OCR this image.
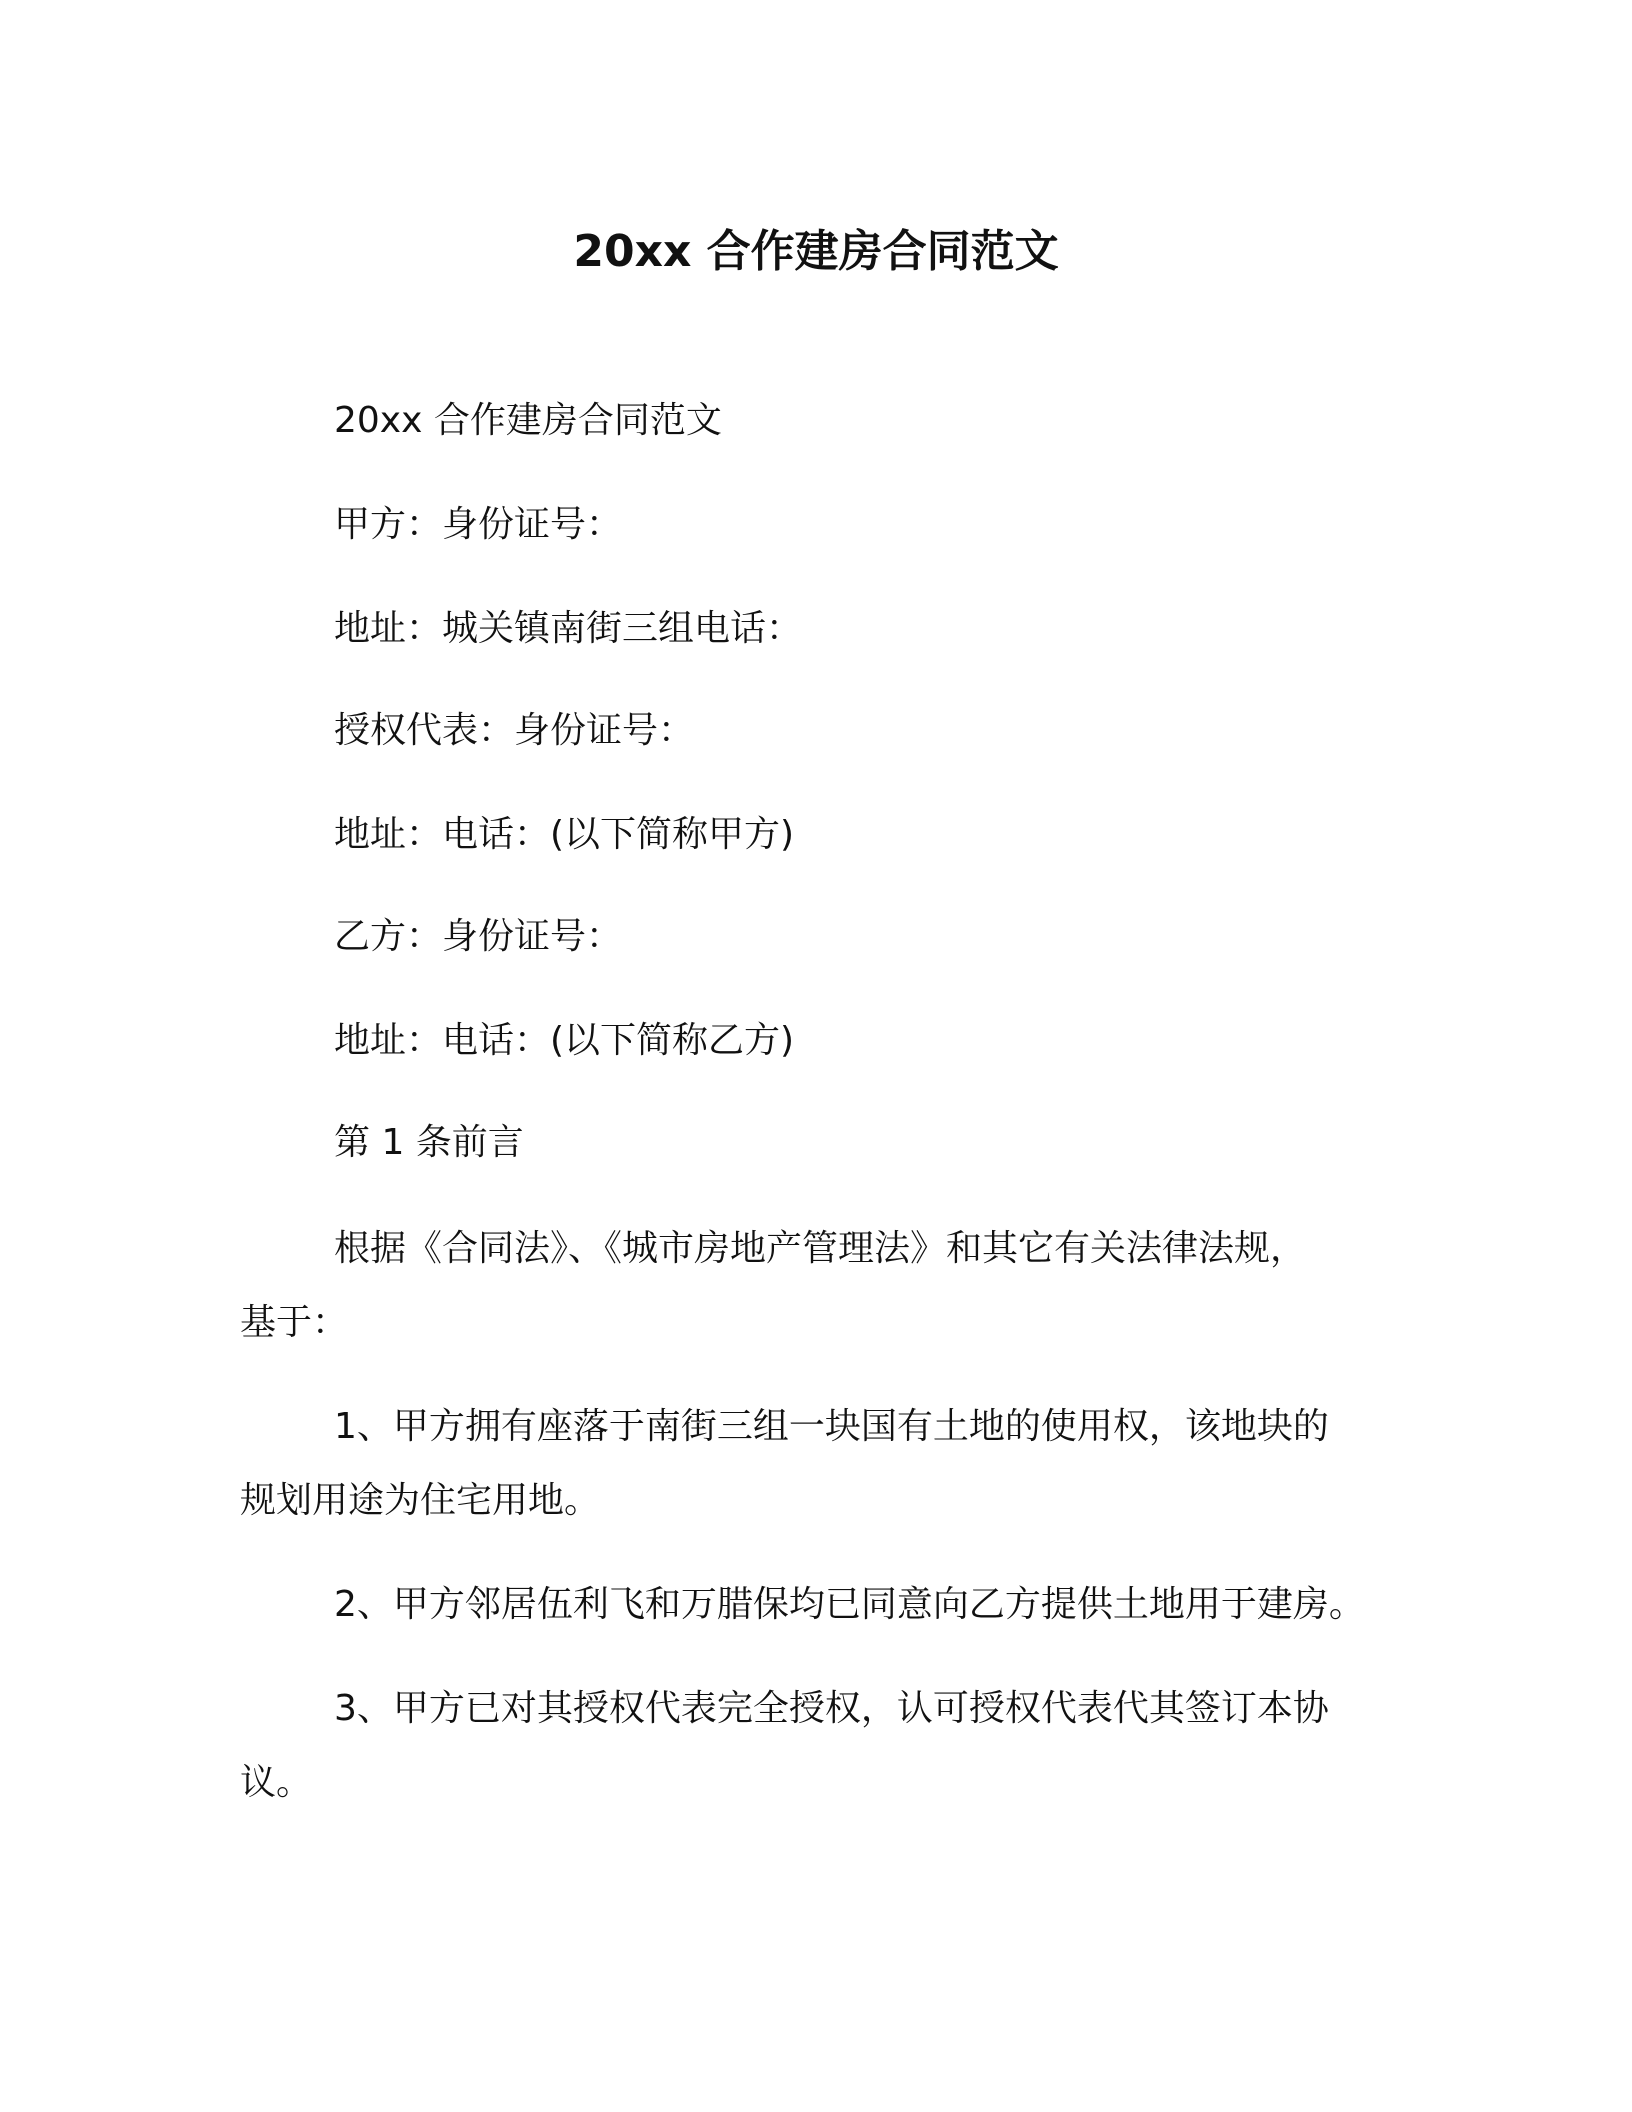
20xx 合作建房合同范文
20xx 合作建房合同范文
甲方：身份证号：
地址：城关镇南街三组电话：
授权代表：身份证号：
地址：电话：(以下简称甲方)
乙方：身份证号：
地址：电话：(以下简称乙方)
第 1 条前言
根据《合同法》、《城市房地产管理法》和其它有关法律法规，
基于：
1、甲方拥有座落于南街三组一块国有土地的使用权，该地块的
规划用途为住宅用地。
2、甲方邻居伍利飞和万腊保均已同意向乙方提供土地用于建房。
3、甲方已对其授权代表完全授权，认可授权代表代其签订本协
议。
